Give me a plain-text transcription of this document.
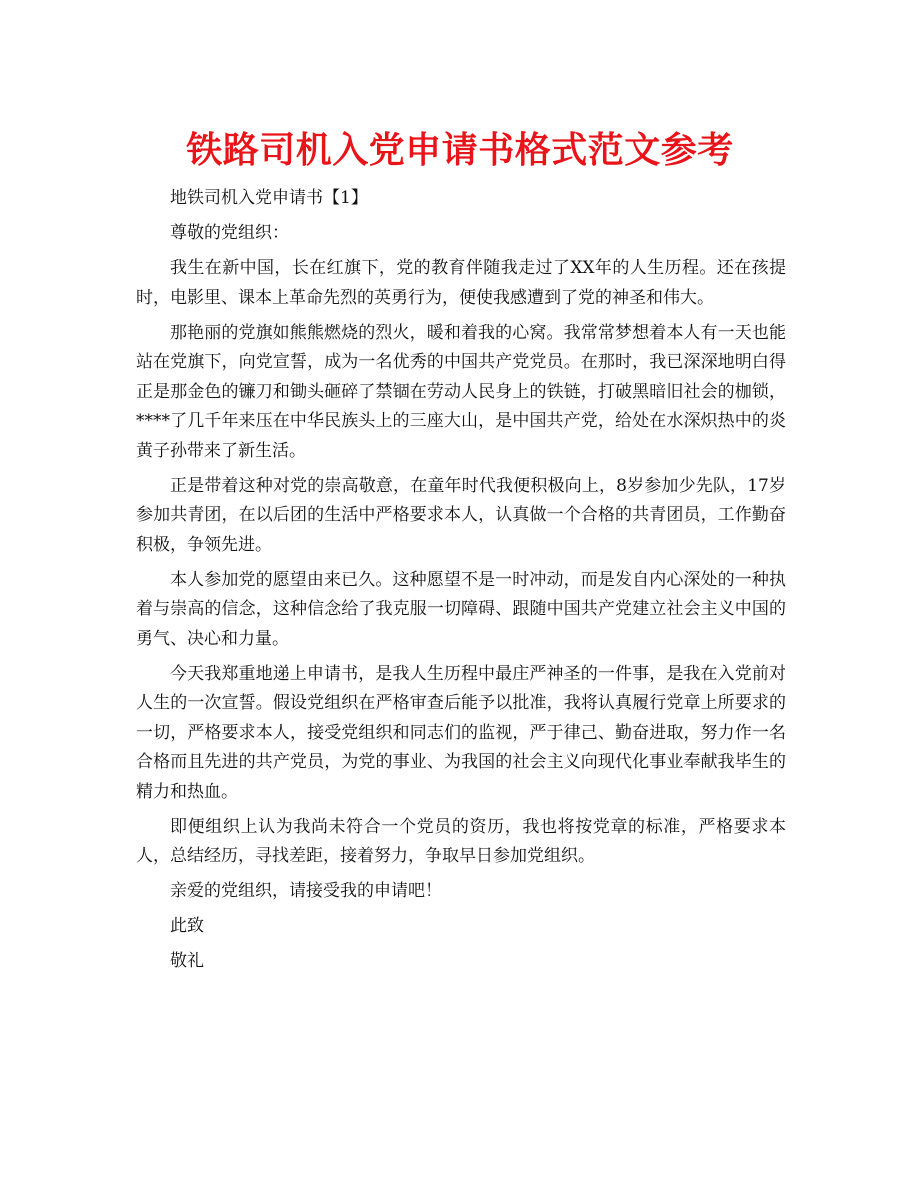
铁路司机入党申请书格式范文参考

地铁司机入党申请书【1】

尊敬的党组织：

我生在新中国，长在红旗下，党的教育伴随我走过了XX年的人生历程。还在孩提时，电影里、课本上革命先烈的英勇行为，便使我感遭到了党的神圣和伟大。

那艳丽的党旗如熊熊燃烧的烈火，暖和着我的心窝。我常常梦想着本人有一天也能站在党旗下，向党宣誓，成为一名优秀的中国共产党党员。在那时，我已深深地明白得正是那金色的镰刀和锄头砸碎了禁锢在劳动人民身上的铁链，打破黑暗旧社会的枷锁，****了几千年来压在中华民族头上的三座大山，是中国共产党，给处在水深炽热中的炎黄子孙带来了新生活。

正是带着这种对党的崇高敬意，在童年时代我便积极向上，8岁参加少先队，17岁参加共青团，在以后团的生活中严格要求本人，认真做一个合格的共青团员，工作勤奋积极，争领先进。

本人参加党的愿望由来已久。这种愿望不是一时冲动，而是发自内心深处的一种执着与崇高的信念，这种信念给了我克服一切障碍、跟随中国共产党建立社会主义中国的勇气、决心和力量。

今天我郑重地递上申请书，是我人生历程中最庄严神圣的一件事，是我在入党前对人生的一次宣誓。假设党组织在严格审查后能予以批准，我将认真履行党章上所要求的一切，严格要求本人，接受党组织和同志们的监视，严于律己、勤奋进取，努力作一名合格而且先进的共产党员，为党的事业、为我国的社会主义向现代化事业奉献我毕生的精力和热血。

即便组织上认为我尚未符合一个党员的资历，我也将按党章的标准，严格要求本人，总结经历，寻找差距，接着努力，争取早日参加党组织。

亲爱的党组织，请接受我的申请吧！

此致

敬礼
